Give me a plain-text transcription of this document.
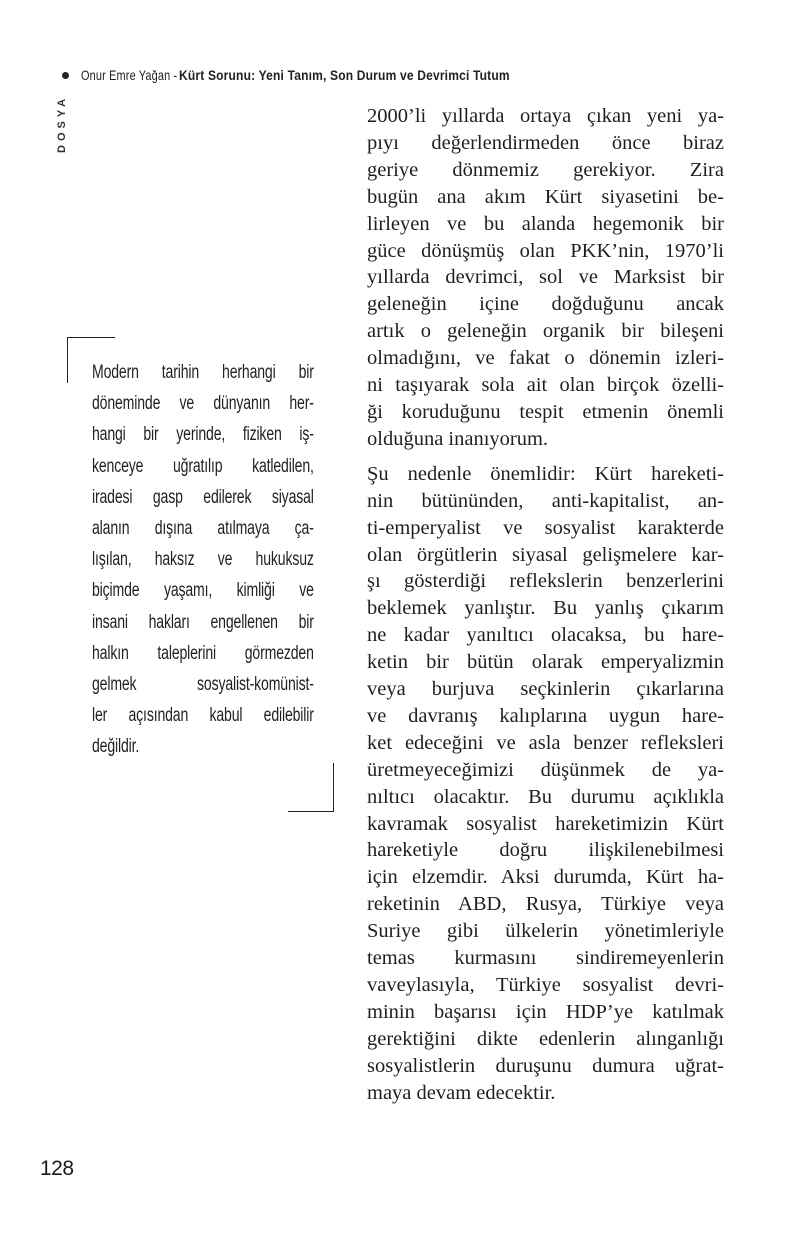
Onur Emre Yağan - Kürt Sorunu: Yeni Tanım, Son Durum ve Devrimci Tutum
DOSYA
Modern tarihin herhangi bir
döneminde ve dünyanın her-
hangi bir yerinde, fiziken iş-
kenceye uğratılıp katledilen,
iradesi gasp edilerek siyasal
alanın dışına atılmaya ça-
lışılan, haksız ve hukuksuz
biçimde yaşamı, kimliği ve
insani hakları engellenen bir
halkın taleplerini görmezden
gelmek sosyalist-komünist-
ler açısından kabul edilebilir
değildir.

2000’li yıllarda ortaya çıkan yeni ya-
pıyı değerlendirmeden önce biraz
geriye dönmemiz gerekiyor. Zira
bugün ana akım Kürt siyasetini be-
lirleyen ve bu alanda hegemonik bir
güce dönüşmüş olan PKK’nin, 1970’li
yıllarda devrimci, sol ve Marksist bir
geleneğin içine doğduğunu ancak
artık o geleneğin organik bir bileşeni
olmadığını, ve fakat o dönemin izleri-
ni taşıyarak sola ait olan birçok özelli-
ği koruduğunu tespit etmenin önemli
olduğuna inanıyorum.

Şu nedenle önemlidir: Kürt hareketi-
nin bütününden, anti-kapitalist, an-
ti-emperyalist ve sosyalist karakterde
olan örgütlerin siyasal gelişmelere kar-
şı gösterdiği reflekslerin benzerlerini
beklemek yanlıştır. Bu yanlış çıkarım
ne kadar yanıltıcı olacaksa, bu hare-
ketin bir bütün olarak emperyalizmin
veya burjuva seçkinlerin çıkarlarına
ve davranış kalıplarına uygun hare-
ket edeceğini ve asla benzer refleksleri
üretmeyeceğimizi düşünmek de ya-
nıltıcı olacaktır. Bu durumu açıklıkla
kavramak sosyalist hareketimizin Kürt
hareketiyle doğru ilişkilenebilmesi
için elzemdir. Aksi durumda, Kürt ha-
reketinin ABD, Rusya, Türkiye veya
Suriye gibi ülkelerin yönetimleriyle
temas kurmasını sindiremeyenlerin
vaveylasıyla, Türkiye sosyalist devri-
minin başarısı için HDP’ye katılmak
gerektiğini dikte edenlerin alınganlığı
sosyalistlerin duruşunu dumura uğrat-
maya devam edecektir.

128
